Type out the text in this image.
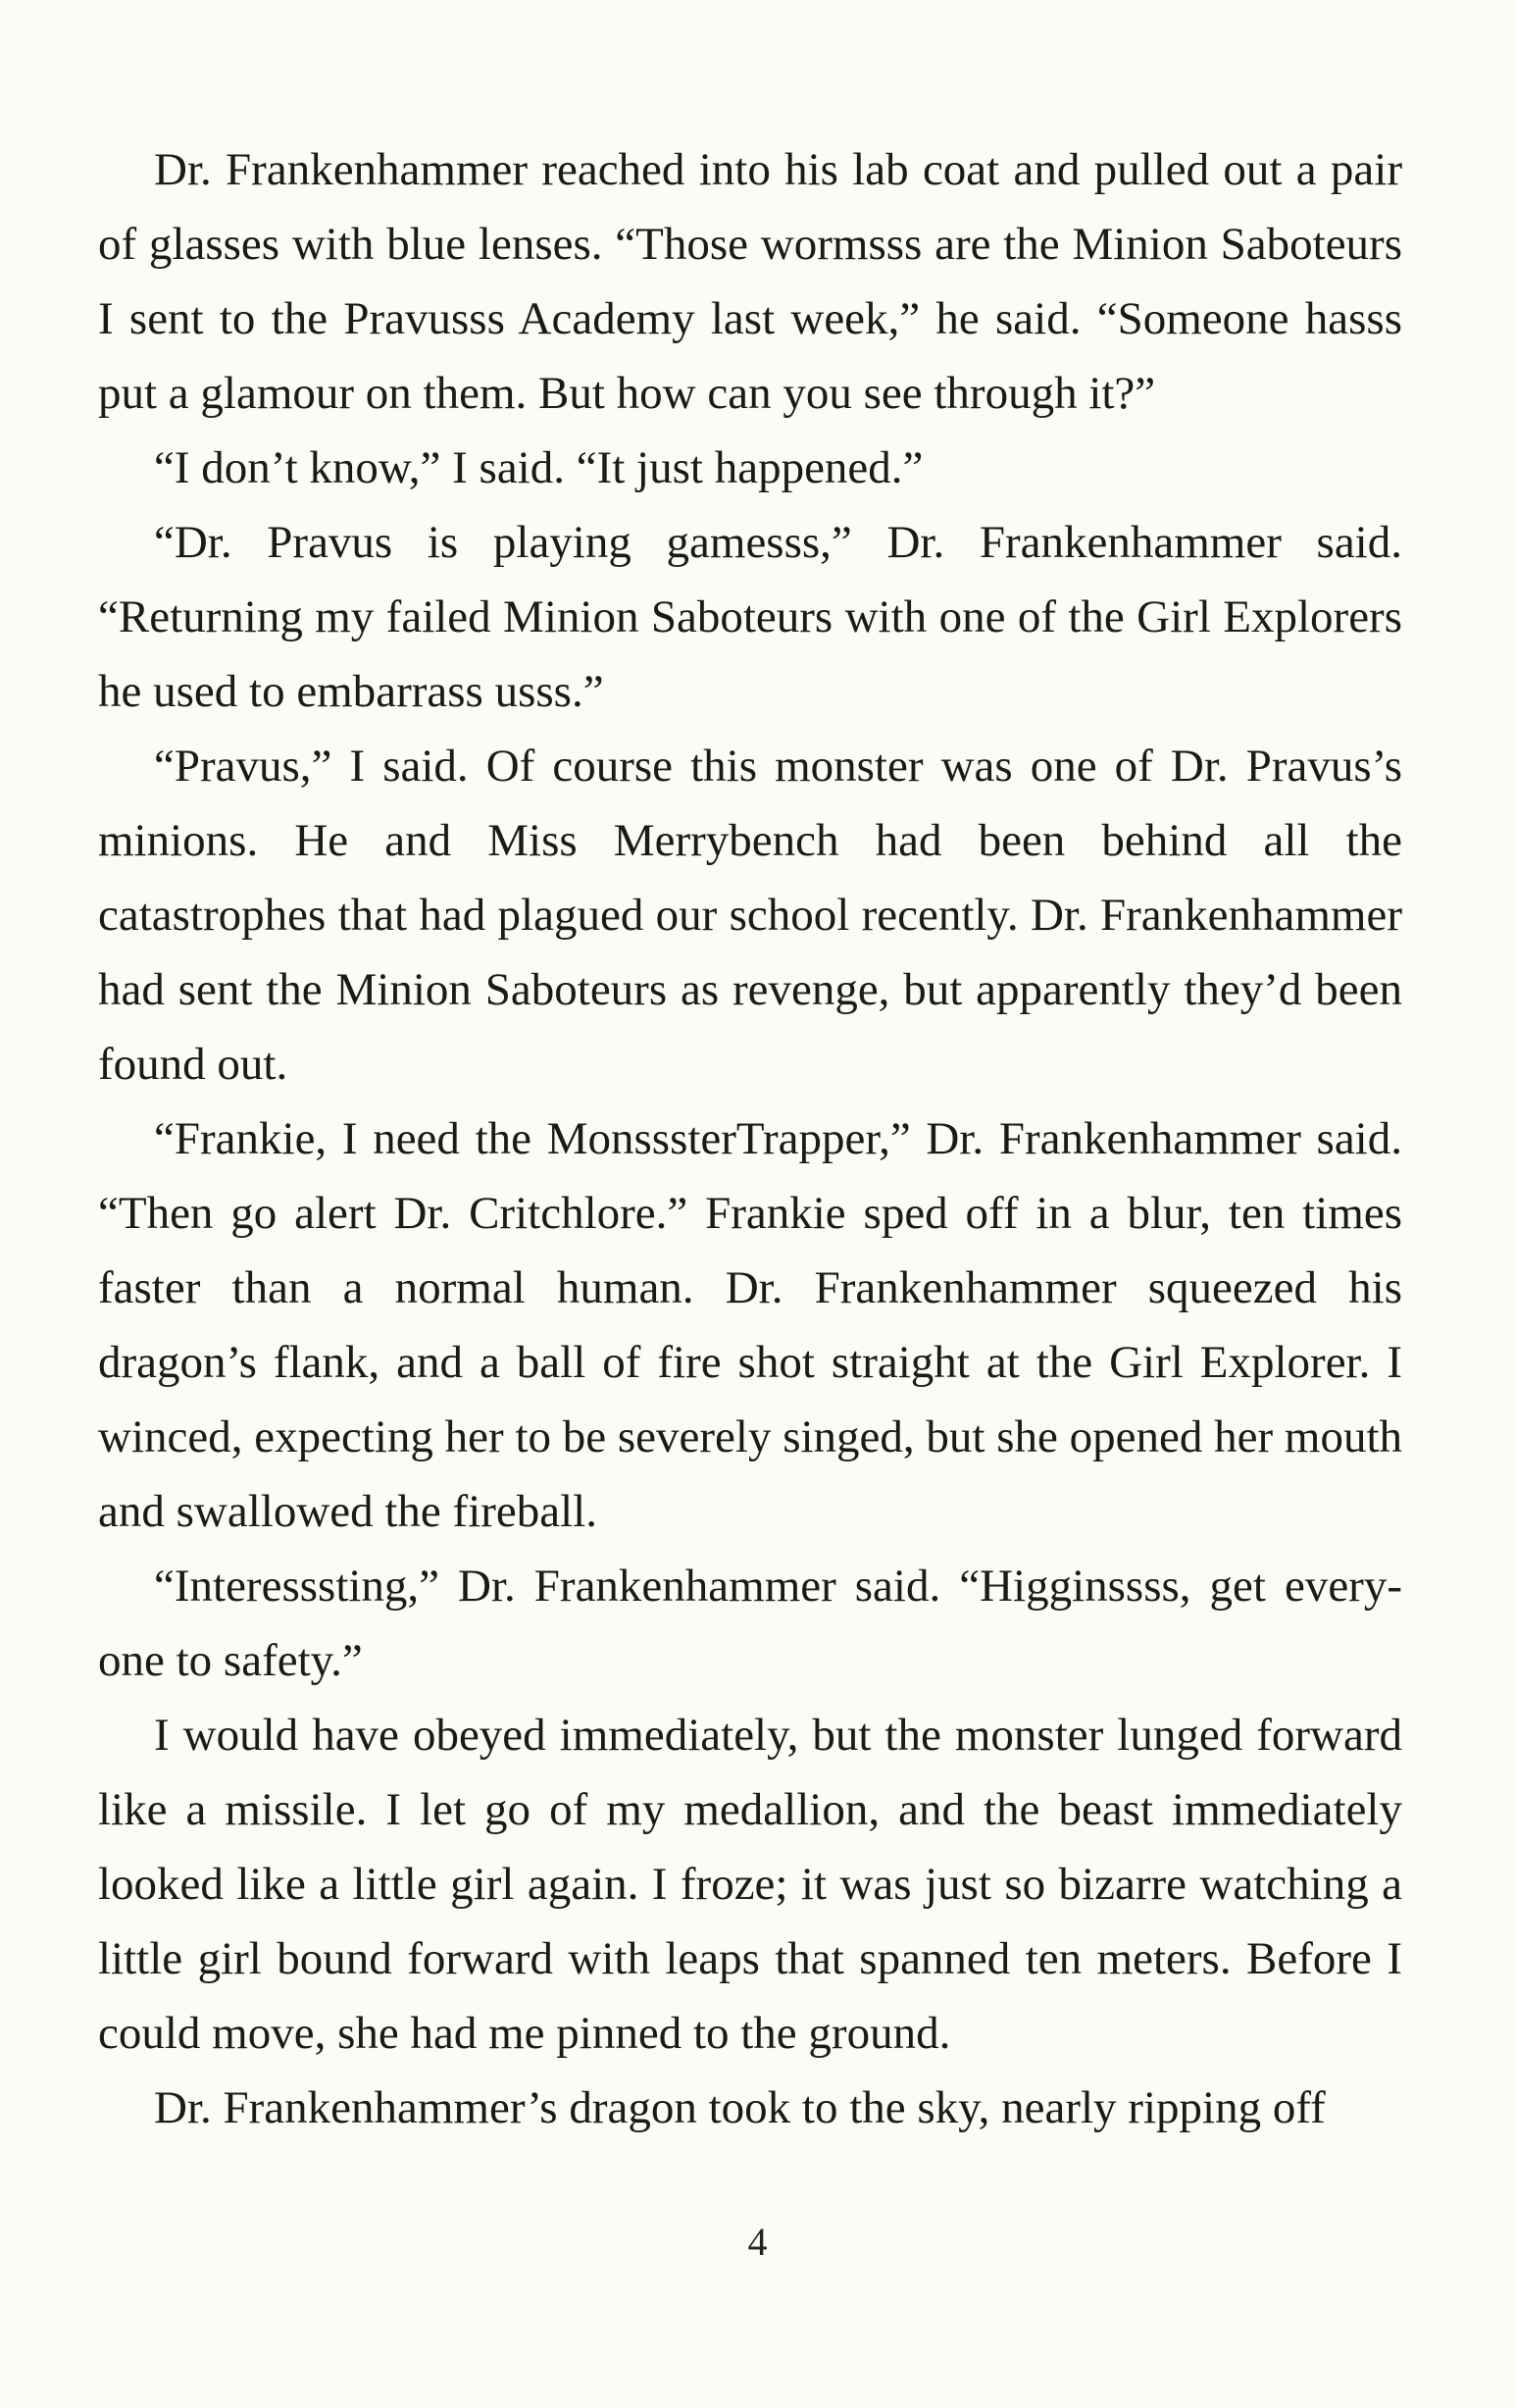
Dr. Frankenhammer reached into his lab coat and pulled out a pair of glasses with blue lenses. “Those wormsss are the Minion Saboteurs I sent to the Pravusss Academy last week,” he said. “Someone hasss put a glamour on them. But how can you see through it?”

“I don’t know,” I said. “It just happened.”

“Dr. Pravus is playing gamesss,” Dr. Frankenhammer said. “Returning my failed Minion Saboteurs with one of the Girl Explorers he used to embarrass usss.”

“Pravus,” I said. Of course this monster was one of Dr. Pravus’s minions. He and Miss Merrybench had been behind all the catastrophes that had plagued our school recently. Dr. Frankenhammer had sent the Minion Saboteurs as revenge, but apparently they’d been found out.

“Frankie, I need the MonsssterTrapper,” Dr. Frankenhammer said. “Then go alert Dr. Critchlore.” Frankie sped off in a blur, ten times faster than a normal human. Dr. Frankenhammer squeezed his dragon’s flank, and a ball of fire shot straight at the Girl Explorer. I winced, expecting her to be severely singed, but she opened her mouth and swallowed the fireball.

“Interesssting,” Dr. Frankenhammer said. “Higginssss, get everyone to safety.”

I would have obeyed immediately, but the monster lunged forward like a missile. I let go of my medallion, and the beast immediately looked like a little girl again. I froze; it was just so bizarre watching a little girl bound forward with leaps that spanned ten meters. Before I could move, she had me pinned to the ground.

Dr. Frankenhammer’s dragon took to the sky, nearly ripping off

4
